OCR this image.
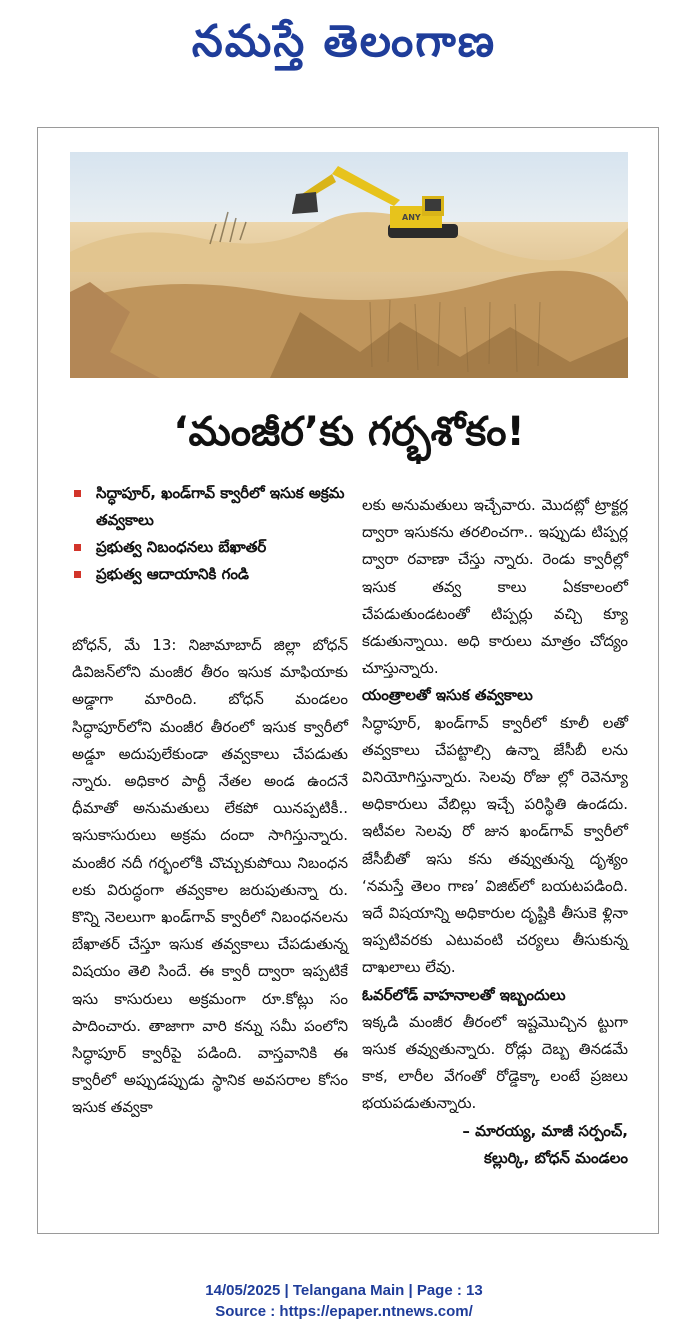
నమస్తే తెలంగాణ
ANY
‘మంజీర’కు గర్భశోకం!
సిద్ధాపూర్, ఖండ్‌గావ్ క్వారీలో ఇసుక అక్రమ తవ్వకాలు
ప్రభుత్వ నిబంధనలు బేఖాతర్
ప్రభుత్వ ఆదాయానికి గండి

బోధన్, మే 13: నిజామాబాద్ జిల్లా బోధన్ డివిజన్‌లోని మంజీర తీరం ఇసుక మాఫియాకు అడ్డాగా మారింది. బోధన్ మండలం సిద్ధాపూర్‌లోని మంజీర తీరంలో ఇసుక క్వారీలో అడ్డూ అదుపులేకుండా తవ్వకాలు చేపడుతు న్నారు. అధికార పార్టీ నేతల అండ ఉందనే ధీమాతో అనుమతులు లేకపో యినప్పటికీ.. ఇసుకాసురులు అక్రమ దందా సాగిస్తున్నారు. మంజీర నదీ గర్భంలోకి చొచ్చుకుపోయి నిబంధన లకు విరుద్ధంగా తవ్వకాల జరుపుతున్నా రు. కొన్ని నెలలుగా ఖండ్‌గావ్ క్వారీలో నిబంధనలను బేఖాతర్ చేస్తూ ఇసుక తవ్వకాలు చేపడుతున్న విషయం తెలి సిందే. ఈ క్వారీ ద్వారా ఇప్పటికే ఇసు కాసురులు అక్రమంగా రూ.కోట్లు సం పాదించారు. తాజాగా వారి కన్ను సమీ పంలోని సిద్ధాపూర్ క్వారీపై పడింది. వాస్తవానికి ఈ క్వారీలో అప్పుడప్పుడు స్థానిక అవసరాల కోసం ఇసుక తవ్వకా

లకు అనుమతులు ఇచ్చేవారు. మొదట్లో ట్రాక్టర్ల ద్వారా ఇసుకను తరలించగా.. ఇప్పుడు టిప్పర్ల ద్వారా రవాణా చేస్తు న్నారు. రెండు క్వారీల్లో ఇసుక తవ్వ కాలు ఏకకాలంలో చేపడుతుండటంతో టిప్పర్లు వచ్చి క్యూ కడుతున్నాయి. అధి కారులు మాత్రం చోద్యం చూస్తున్నారు.

యంత్రాలతో ఇసుక తవ్వకాలు

సిద్ధాపూర్, ఖండ్‌గావ్ క్వారీలో కూలీ లతో తవ్వకాలు చేపట్టాల్సి ఉన్నా జేసీబీ లను వినియోగిస్తున్నారు. సెలవు రోజు ల్లో రెవెన్యూ అధికారులు వేబిల్లు ఇచ్చే పరిస్థితి ఉండదు. ఇటీవల సెలవు రో జున ఖండ్‌గావ్ క్వారీలో జేసీబీతో ఇసు కను తవ్వుతున్న దృశ్యం ‘నమస్తే తెలం గాణ’ విజిట్‌లో బయటపడింది. ఇదే విషయాన్ని అధికారుల దృష్టికి తీసుకె ళ్లినా ఇప్పటివరకు ఎటువంటి చర్యలు తీసుకున్న దాఖలాలు లేవు.

ఓవర్‌లోడ్ వాహనాలతో ఇబ్బందులు

ఇక్కడి మంజీర తీరంలో ఇష్టమొచ్చిన ట్టుగా ఇసుక తవ్వుతున్నారు. రోడ్లు దెబ్బ తినడమే కాక, లారీల వేగంతో రోడ్డెక్కా లంటే ప్రజలు భయపడుతున్నారు.

– మారయ్య, మాజీ సర్పంచ్,
కల్లుర్కి, బోధన్ మండలం
14/05/2025 | Telangana Main | Page : 13
Source : https://epaper.ntnews.com/
